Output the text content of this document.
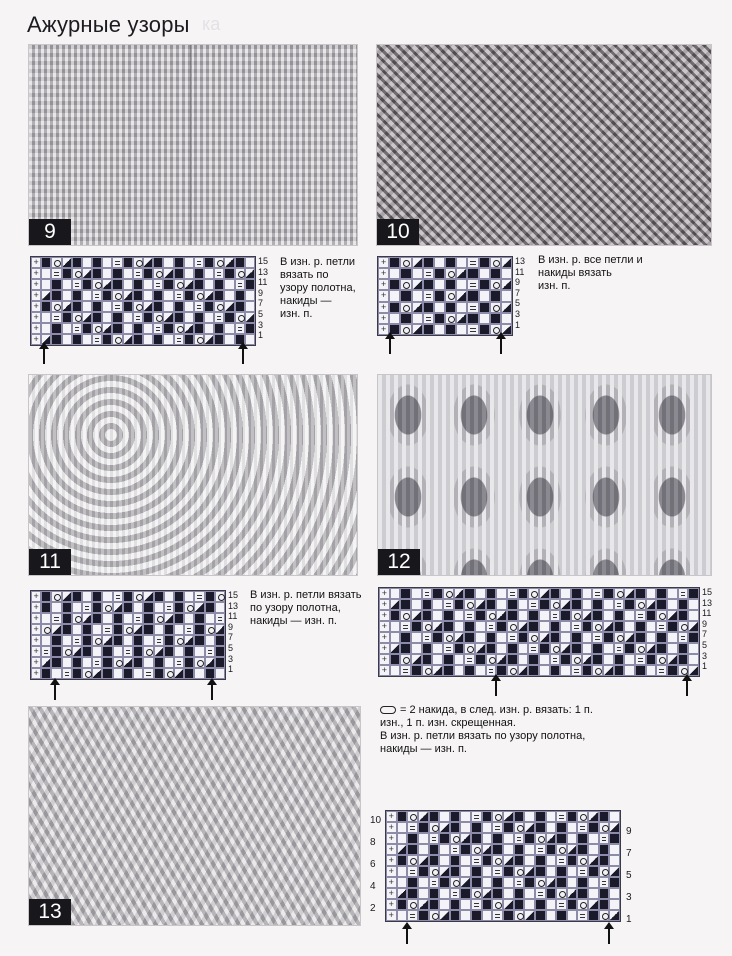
Ажурные узоры ка
9
+
+
+
+
+
+
+
+
15
13
11
9
7
5
3
1
В изн. р. петли
вязать по
узору полотна,
накиды —
изн. п.
10
+
+
+
+
+
+
+
13
11
9
7
5
3
1
В изн. р. все петли и
накиды вязать
изн. п.
11
+
+
+
+
+
+
+
+
15
13
11
9
7
5
3
1
В изн. р. петли вязать
по узору полотна,
накиды — изн. п.
12
+
+
+
+
+
+
+
+
15
13
11
9
7
5
3
1
= 2 накида, в след. изн. р. вязать: 1 п.
изн., 1 п. изн. скрещенная.
В изн. р. петли вязать по узору полотна,
накиды — изн. п.
13
10
8
6
4
2
+
+
+
+
+
+
+
+
+
+
9
7
5
3
1
